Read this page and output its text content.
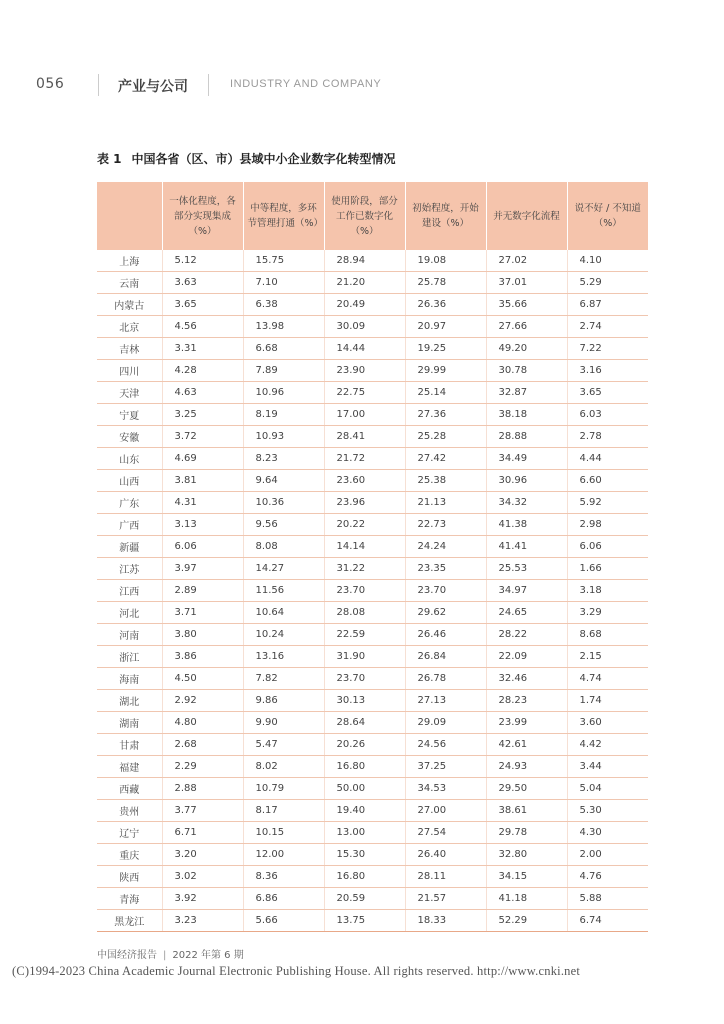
056	产业与公司	INDUSTRY AND COMPANY
表 1 中国各省（区、市）县域中小企业数字化转型情况
	一体化程度，各部分实现集成（%）	中等程度，多环节管理打通（%）	使用阶段，部分工作已数字化（%）	初始程度，开始建设（%）	并无数字化流程	说不好 / 不知道（%）
上海	5.12	15.75	28.94	19.08	27.02	4.10
云南	3.63	7.10	21.20	25.78	37.01	5.29
内蒙古	3.65	6.38	20.49	26.36	35.66	6.87
北京	4.56	13.98	30.09	20.97	27.66	2.74
吉林	3.31	6.68	14.44	19.25	49.20	7.22
四川	4.28	7.89	23.90	29.99	30.78	3.16
天津	4.63	10.96	22.75	25.14	32.87	3.65
宁夏	3.25	8.19	17.00	27.36	38.18	6.03
安徽	3.72	10.93	28.41	25.28	28.88	2.78
山东	4.69	8.23	21.72	27.42	34.49	4.44
山西	3.81	9.64	23.60	25.38	30.96	6.60
广东	4.31	10.36	23.96	21.13	34.32	5.92
广西	3.13	9.56	20.22	22.73	41.38	2.98
新疆	6.06	8.08	14.14	24.24	41.41	6.06
江苏	3.97	14.27	31.22	23.35	25.53	1.66
江西	2.89	11.56	23.70	23.70	34.97	3.18
河北	3.71	10.64	28.08	29.62	24.65	3.29
河南	3.80	10.24	22.59	26.46	28.22	8.68
浙江	3.86	13.16	31.90	26.84	22.09	2.15
海南	4.50	7.82	23.70	26.78	32.46	4.74
湖北	2.92	9.86	30.13	27.13	28.23	1.74
湖南	4.80	9.90	28.64	29.09	23.99	3.60
甘肃	2.68	5.47	20.26	24.56	42.61	4.42
福建	2.29	8.02	16.80	37.25	24.93	3.44
西藏	2.88	10.79	50.00	34.53	29.50	5.04
贵州	3.77	8.17	19.40	27.00	38.61	5.30
辽宁	6.71	10.15	13.00	27.54	29.78	4.30
重庆	3.20	12.00	15.30	26.40	32.80	2.00
陕西	3.02	8.36	16.80	28.11	34.15	4.76
青海	3.92	6.86	20.59	21.57	41.18	5.88
黑龙江	3.23	5.66	13.75	18.33	52.29	6.74
中国经济报告 | 2022 年第 6 期
(C)1994-2023 China Academic Journal Electronic Publishing House. All rights reserved. http://www.cnki.net
